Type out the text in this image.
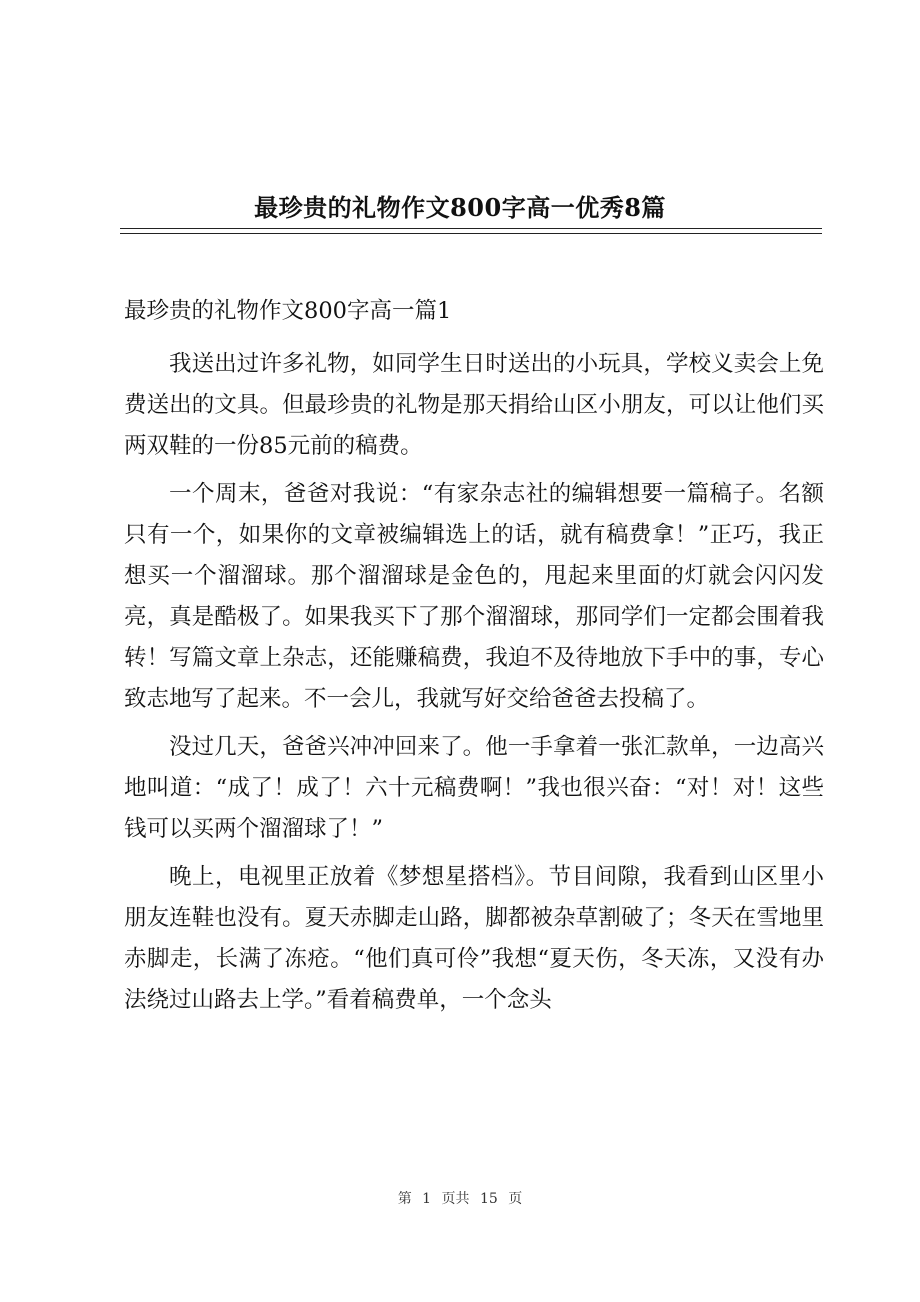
最珍贵的礼物作文800字高一优秀8篇

最珍贵的礼物作文800字高一篇1

我送出过许多礼物，如同学生日时送出的小玩具，学校义卖会上免费送出的文具。但最珍贵的礼物是那天捐给山区小朋友，可以让他们买两双鞋的一份85元前的稿费。

一个周末，爸爸对我说：“有家杂志社的编辑想要一篇稿子。名额只有一个，如果你的文章被编辑选上的话，就有稿费拿！”正巧，我正想买一个溜溜球。那个溜溜球是金色的，甩起来里面的灯就会闪闪发亮，真是酷极了。如果我买下了那个溜溜球，那同学们一定都会围着我转！写篇文章上杂志，还能赚稿费，我迫不及待地放下手中的事，专心致志地写了起来。不一会儿，我就写好交给爸爸去投稿了。

没过几天，爸爸兴冲冲回来了。他一手拿着一张汇款单，一边高兴地叫道：“成了！成了！六十元稿费啊！”我也很兴奋：“对！对！这些钱可以买两个溜溜球了！”

晚上，电视里正放着《梦想星搭档》。节目间隙，我看到山区里小朋友连鞋也没有。夏天赤脚走山路，脚都被杂草割破了；冬天在雪地里赤脚走，长满了冻疮。“他们真可伶”我想“夏天伤，冬天冻，又没有办法绕过山路去上学。”看着稿费单，一个念头

第 1 页共 15 页
